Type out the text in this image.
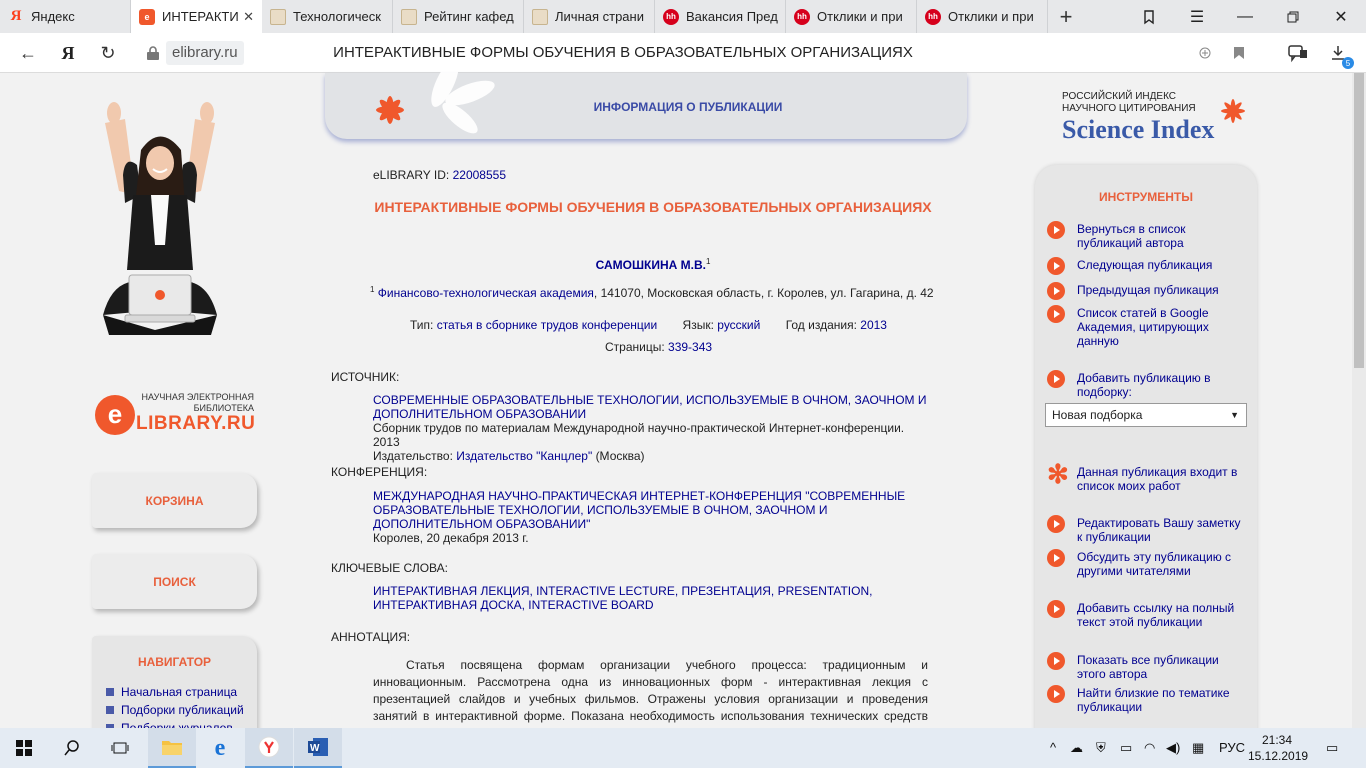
Я Яндекс	e ИНТЕРАКТИ ✕	Технологическ	Рейтинг кафед	Личная страни	hh Вакансия Пред	hh Отклики и при	hh Отклики и при	+	☰	—	✕
←	Я	↻	elibrary.ru	ИНТЕРАКТИВНЫЕ ФОРМЫ ОБУЧЕНИЯ В ОБРАЗОВАТЕЛЬНЫХ ОРГАНИЗАЦИЯХ
5
e
НАУЧНАЯ ЭЛЕКТРОННАЯ БИБЛИОТЕКА
LIBRARY.RU
КОРЗИНА
ПОИСК
НАВИГАТОР
Начальная страница
Подборки публикаций
ИНФОРМАЦИЯ О ПУБЛИКАЦИИ
eLIBRARY ID: 22008555
ИНТЕРАКТИВНЫЕ ФОРМЫ ОБУЧЕНИЯ В ОБРАЗОВАТЕЛЬНЫХ ОРГАНИЗАЦИЯХ
САМОШКИНА М.В.$^1$
$^1$ Финансово-технологическая академия, 141070, Московская область, г. Королев, ул. Гагарина, д. 42
Тип: статья в сборнике трудов конференции Язык: русский Год издания: 2013
Страницы: 339-343
ИСТОЧНИК:
СОВРЕМЕННЫЕ ОБРАЗОВАТЕЛЬНЫЕ ТЕХНОЛОГИИ, ИСПОЛЬЗУЕМЫЕ В ОЧНОМ, ЗАОЧНОМ И ДОПОЛНИТЕЛЬНОМ ОБРАЗОВАНИИ
Сборник трудов по материалам Международной научно-практической Интернет-конференции. 2013
Издательство: Издательство "Канцлер" (Москва)
КОНФЕРЕНЦИЯ:
МЕЖДУНАРОДНАЯ НАУЧНО-ПРАКТИЧЕСКАЯ ИНТЕРНЕТ-КОНФЕРЕНЦИЯ "СОВРЕМЕННЫЕ ОБРАЗОВАТЕЛЬНЫЕ ТЕХНОЛОГИИ, ИСПОЛЬЗУЕМЫЕ В ОЧНОМ, ЗАОЧНОМ И ДОПОЛНИТЕЛЬНОМ ОБРАЗОВАНИИ"
Королев, 20 декабря 2013 г.
КЛЮЧЕВЫЕ СЛОВА:
ИНТЕРАКТИВНАЯ ЛЕКЦИЯ, INTERACTIVE LECTURE, ПРЕЗЕНТАЦИЯ, PRESENTATION, ИНТЕРАКТИВНАЯ ДОСКА, INTERACTIVE BOARD
АННОТАЦИЯ:
Статья посвящена формам организации учебного процесса: традиционным и инновационным. Рассмотрена одна из инновационных форм - интерактивная лекция с презентацией слайдов и учебных фильмов. Отражены условия организации и проведения занятий в интерактивной форме. Показана необходимость использования технических средств
РОССИЙСКИЙ ИНДЕКС НАУЧНОГО ЦИТИРОВАНИЯ
Science Index
ИНСТРУМЕНТЫ
Вернуться в список публикаций автора
Следующая публикация
Предыдущая публикация
Список статей в Google Академия, цитирующих данную
Добавить публикацию в подборку:
✻ Данная публикация входит в список моих работ
Редактировать Вашу заметку к публикации
Обсудить эту публикацию с другими читателями
Добавить ссылку на полный текст этой публикации
Показать все публикации этого автора
Найти близкие по тематике публикации
Новая подборка	▼
e	W	^ ☁ ⛨ ▭ ◠ ◀) ▦ РУС	21:34
15.12.2019
▭
